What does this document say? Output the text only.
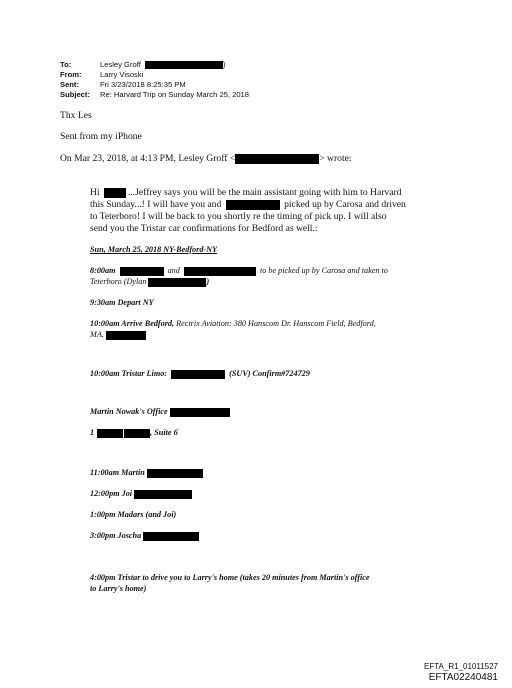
To:	Lesley Groff	)
From: Larry Visoski
Sent:	Fri 3/23/2018 8:25:35 PM
Subject: Re: Harvard Trip on Sunday March 25, 2018
Thx Les
Sent from my iPhone
On Mar 23, 2018, at 4:13 PM, Lesley Groff <	> wrote:
Hi	...Jeffrey says you will be the main assistant going with him to Harvard
this Sunday...! I will have you and	picked up by Carosa and driven
to Teterboro! I will be back to you shortly re the timing of pick up. I will also
send you the Tristar car confirmations for Bedford as well.:
Sun, March 25, 2018 NY-Bedford-NY
8:00am	and	to be picked up by Carosa and taken to
Teterboro (Dylan	)
9:30am Depart NY
10:00am Arrive Bedford, Rectrix Aviation: 380 Hanscom Dr. Hanscom Field, Bedford,
MA.
10:00am Tristar Limo:	(SUV) Confirm#724729
Martin Nowak's Office
1	, Suite 6
11:00am Martin
12:00pm Joi
1:00pm Madars (and Joi)
3:00pm Joscha
4:00pm Tristar to drive you to Larry's home (takes 20 minutes from Martin's office
to Larry's home)
EFTA_R1_01011527
EFTA02240481
